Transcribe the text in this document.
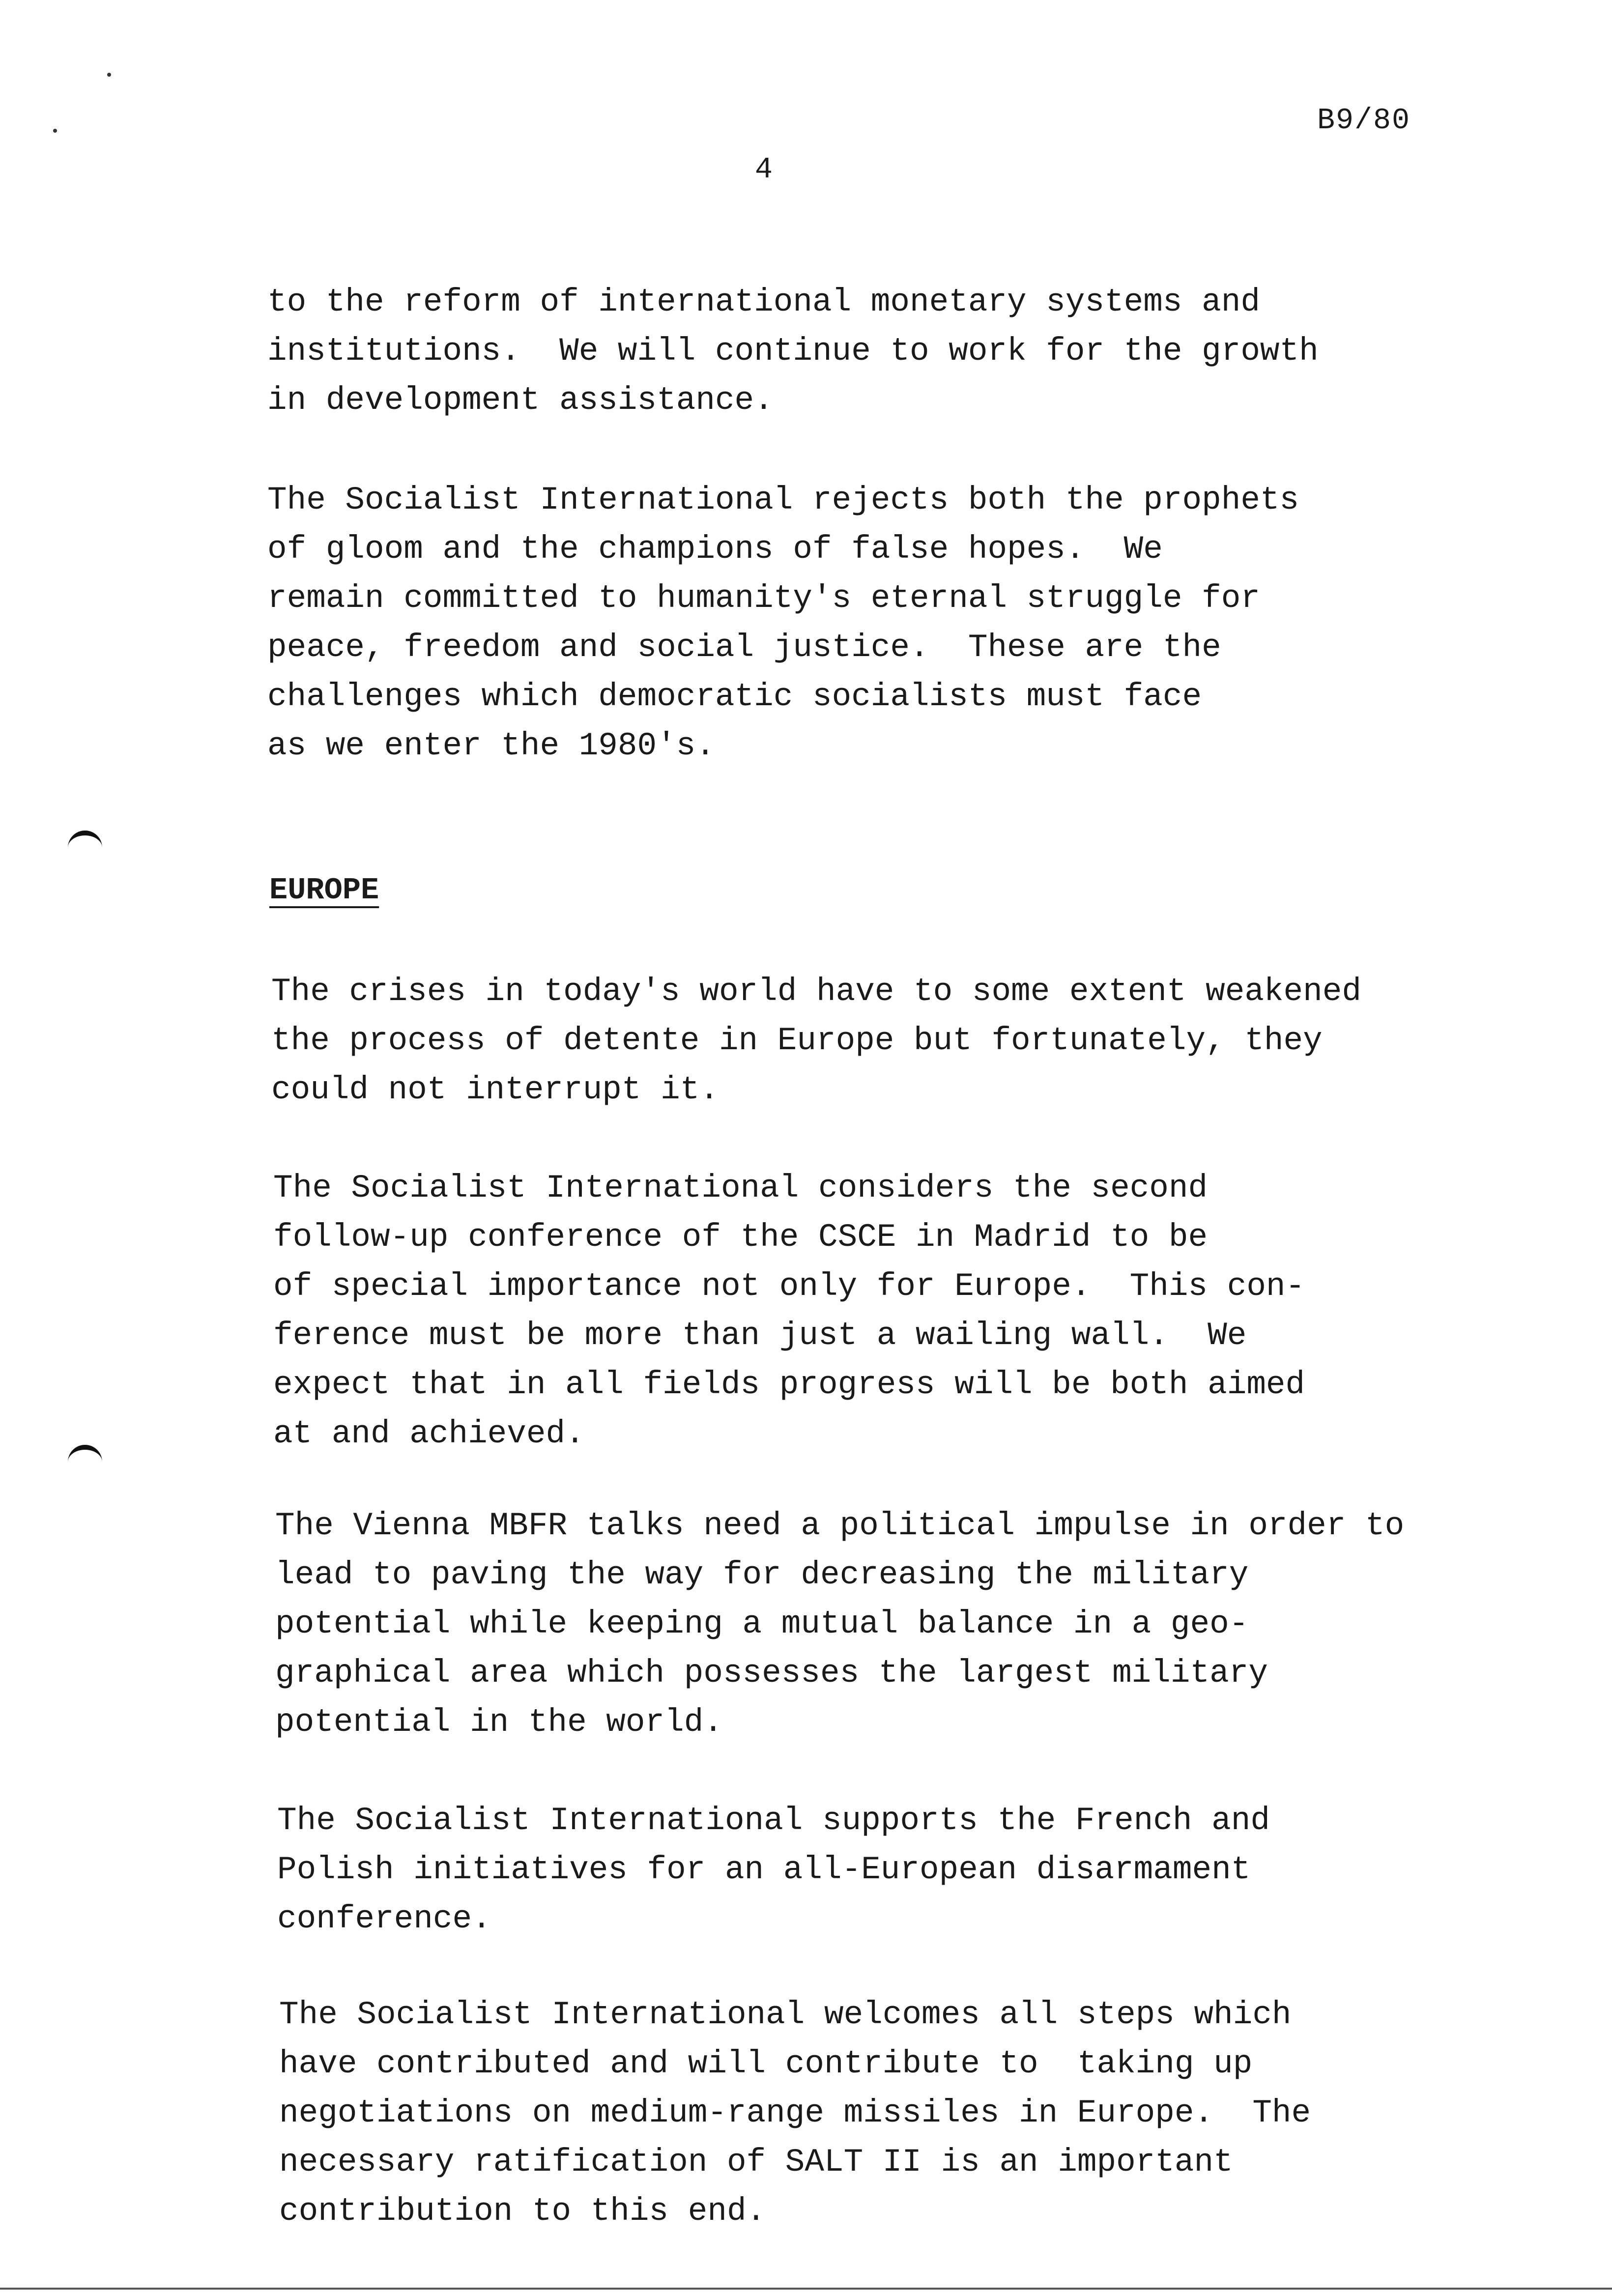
B9/80
4

to the reform of international monetary systems and
institutions.  We will continue to work for the growth
in development assistance.

The Socialist International rejects both the prophets
of gloom and the champions of false hopes.  We
remain committed to humanity's eternal struggle for
peace, freedom and social justice.  These are the
challenges which democratic socialists must face
as we enter the 1980's.

EUROPE

The crises in today's world have to some extent weakened
the process of detente in Europe but fortunately, they
could not interrupt it.

The Socialist International considers the second
follow-up conference of the CSCE in Madrid to be
of special importance not only for Europe.  This con-
ference must be more than just a wailing wall.  We
expect that in all fields progress will be both aimed
at and achieved.

The Vienna MBFR talks need a political impulse in order to
lead to paving the way for decreasing the military
potential while keeping a mutual balance in a geo-
graphical area which possesses the largest military
potential in the world.

The Socialist International supports the French and
Polish initiatives for an all-European disarmament
conference.

The Socialist International welcomes all steps which
have contributed and will contribute to  taking up
negotiations on medium-range missiles in Europe.  The
necessary ratification of SALT II is an important
contribution to this end.
